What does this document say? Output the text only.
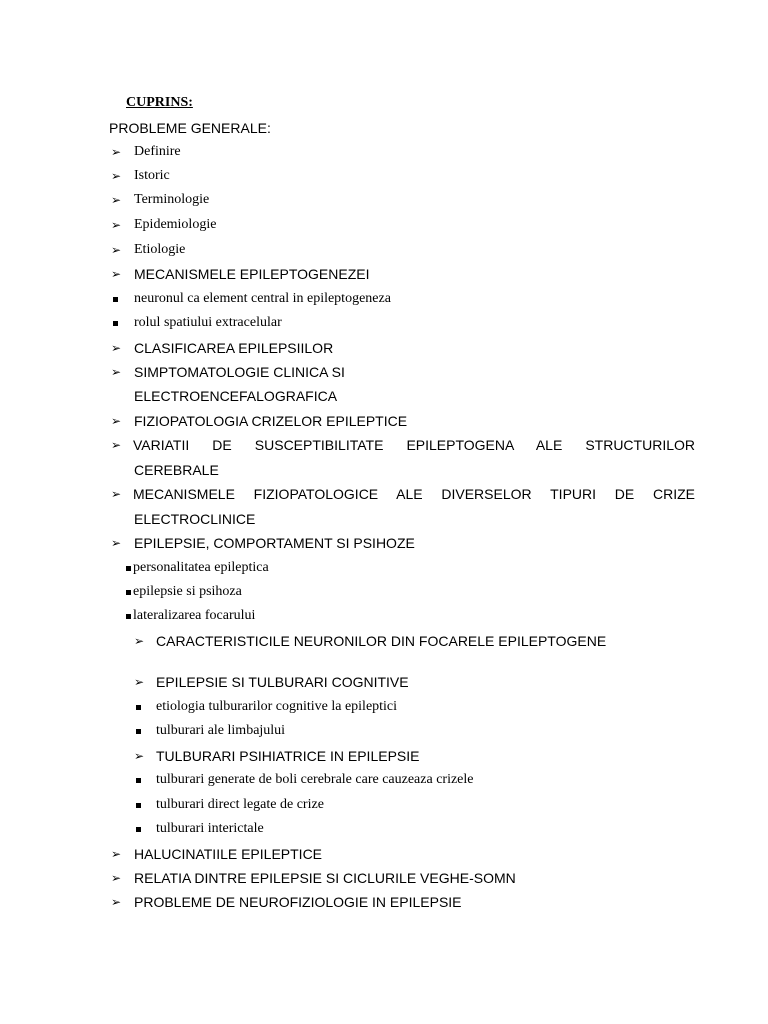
CUPRINS:
PROBLEME GENERALE:
➢ Definire
➢ Istoric
➢ Terminologie
➢ Epidemiologie
➢ Etiologie
➢ MECANISMELE EPILEPTOGENEZEI
neuronul ca element central in epileptogeneza
rolul spatiului extracelular
➢ CLASIFICAREA EPILEPSIILOR
➢ SIMPTOMATOLOGIE CLINICA SI
ELECTROENCEFALOGRAFICA
➢ FIZIOPATOLOGIA CRIZELOR EPILEPTICE
➢ VARIATII DE SUSCEPTIBILITATE EPILEPTOGENA ALE STRUCTURILOR
CEREBRALE
➢ MECANISMELE FIZIOPATOLOGICE ALE DIVERSELOR TIPURI DE CRIZE
ELECTROCLINICE
➢ EPILEPSIE, COMPORTAMENT SI PSIHOZE
personalitatea epileptica
epilepsie si psihoza
lateralizarea focarului
➢ CARACTERISTICILE NEURONILOR DIN FOCARELE EPILEPTOGENE
➢ EPILEPSIE SI TULBURARI COGNITIVE
etiologia tulburarilor cognitive la epileptici
tulburari ale limbajului
➢ TULBURARI PSIHIATRICE IN EPILEPSIE
tulburari generate de boli cerebrale care cauzeaza crizele
tulburari direct legate de crize
tulburari interictale
➢ HALUCINATIILE EPILEPTICE
➢ RELATIA DINTRE EPILEPSIE SI CICLURILE VEGHE-SOMN
➢ PROBLEME DE NEUROFIZIOLOGIE IN EPILEPSIE
